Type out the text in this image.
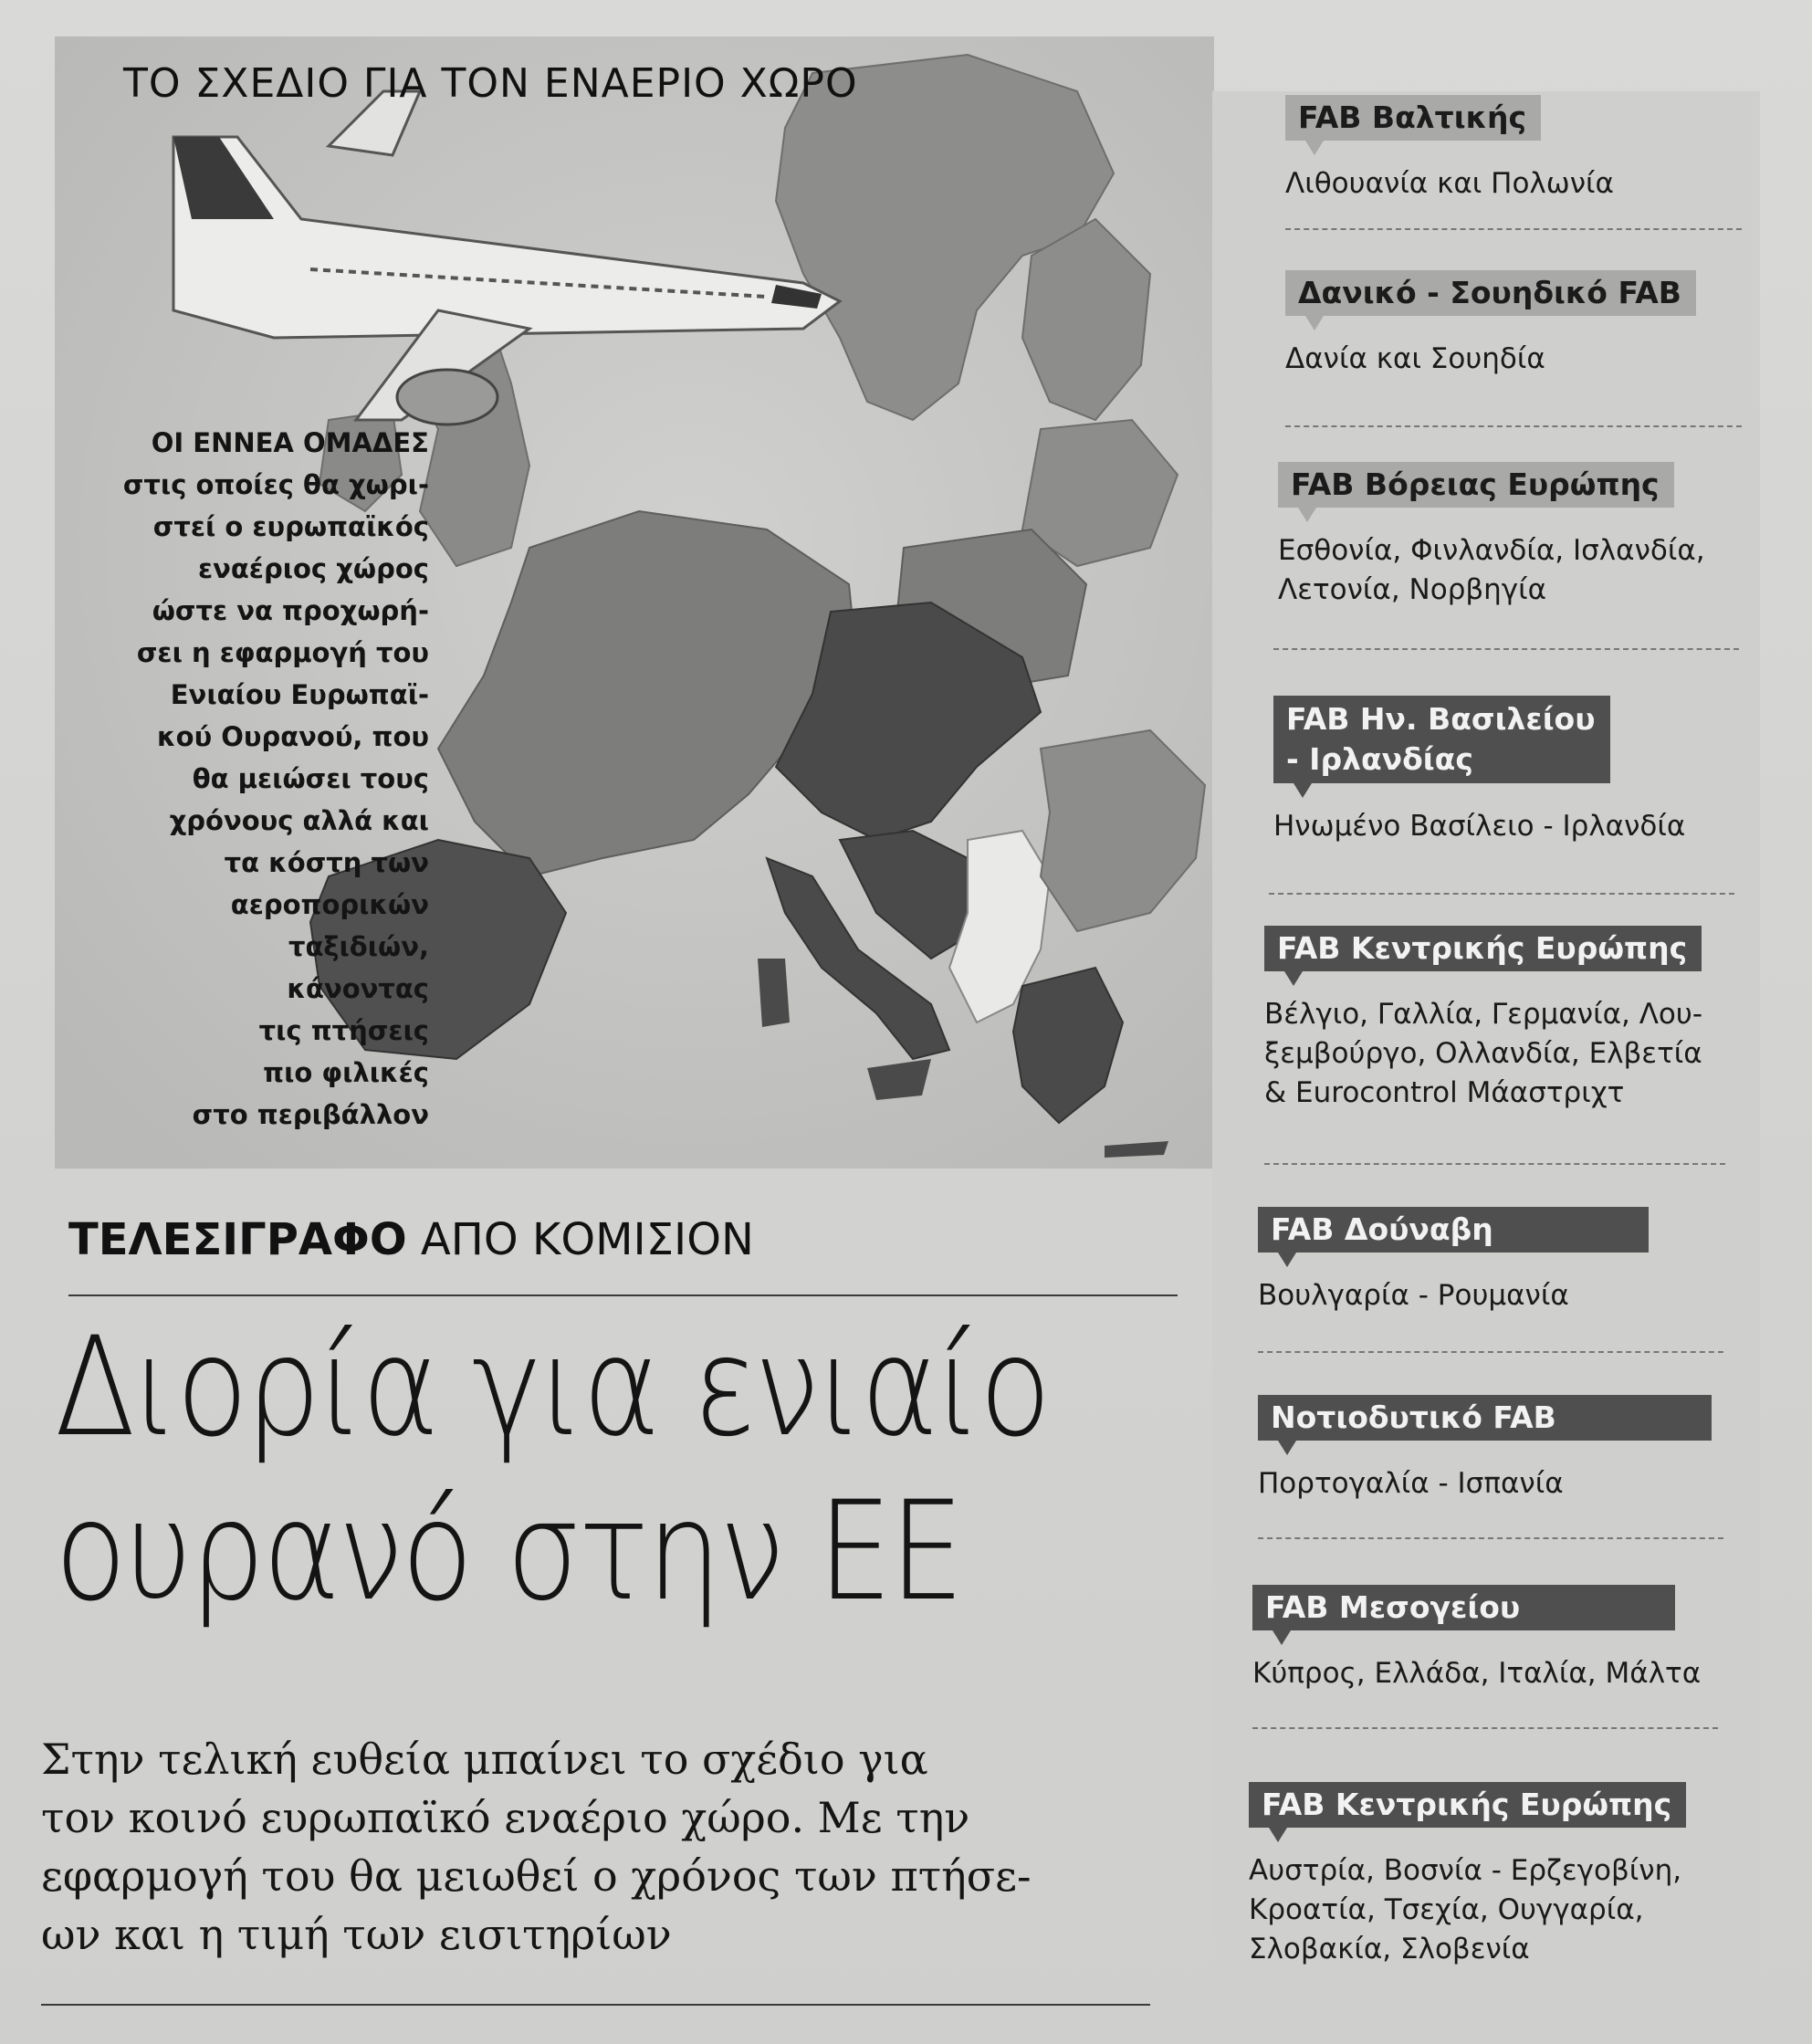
ΤΟ ΣΧΕΔΙΟ ΓΙΑ ΤΟΝ ΕΝΑΕΡΙΟ ΧΩΡΟ
ΟΙ ΕΝΝΕΑ ΟΜΑΔΕΣ
στις οποίες θα χωρι-
στεί ο ευρωπαϊκός
εναέριος χώρος
ώστε να προχωρή-
σει η εφαρμογή του
Ενιαίου Ευρωπαϊ-
κού Ουρανού, που
θα μειώσει τους
χρόνους αλλά και
τα κόστη των
αεροπορικών
ταξιδιών,
κάνοντας
τις πτήσεις
πιο φιλικές
στο περιβάλλον
ΤΕΛΕΣΙΓΡΑΦΟ ΑΠΟ ΚΟΜΙΣΙΟΝ
Διορία για ενιαίο
ουρανό στην ΕΕ
Στην τελική ευθεία μπαίνει το σχέδιο για
τον κοινό ευρωπαϊκό εναέριο χώρο. Με την
εφαρμογή του θα μειωθεί ο χρόνος των πτήσε-
ων και η τιμή των εισιτηρίων
FAB Βαλτικής
Λιθουανία και Πολωνία
Δανικό - Σουηδικό FAB
Δανία και Σουηδία
FAB Βόρειας Ευρώπης
Εσθονία, Φινλανδία, Ισλανδία,
Λετονία, Νορβηγία
FAB Ην. Βασιλείου
- Ιρλανδίας
Ηνωμένο Βασίλειο - Ιρλανδία
FAB Κεντρικής Ευρώπης
Βέλγιο, Γαλλία, Γερμανία, Λου-
ξεμβούργο, Ολλανδία, Ελβετία
& Eurocontrol Μάαστριχτ
FAB Δούναβη
Βουλγαρία - Ρουμανία
Νοτιοδυτικό FAB
Πορτογαλία - Ισπανία
FAB Μεσογείου
Κύπρος, Ελλάδα, Ιταλία, Μάλτα
FAB Κεντρικής Ευρώπης
Αυστρία, Βοσνία - Ερζεγοβίνη,
Κροατία, Τσεχία, Ουγγαρία,
Σλοβακία, Σλοβενία
